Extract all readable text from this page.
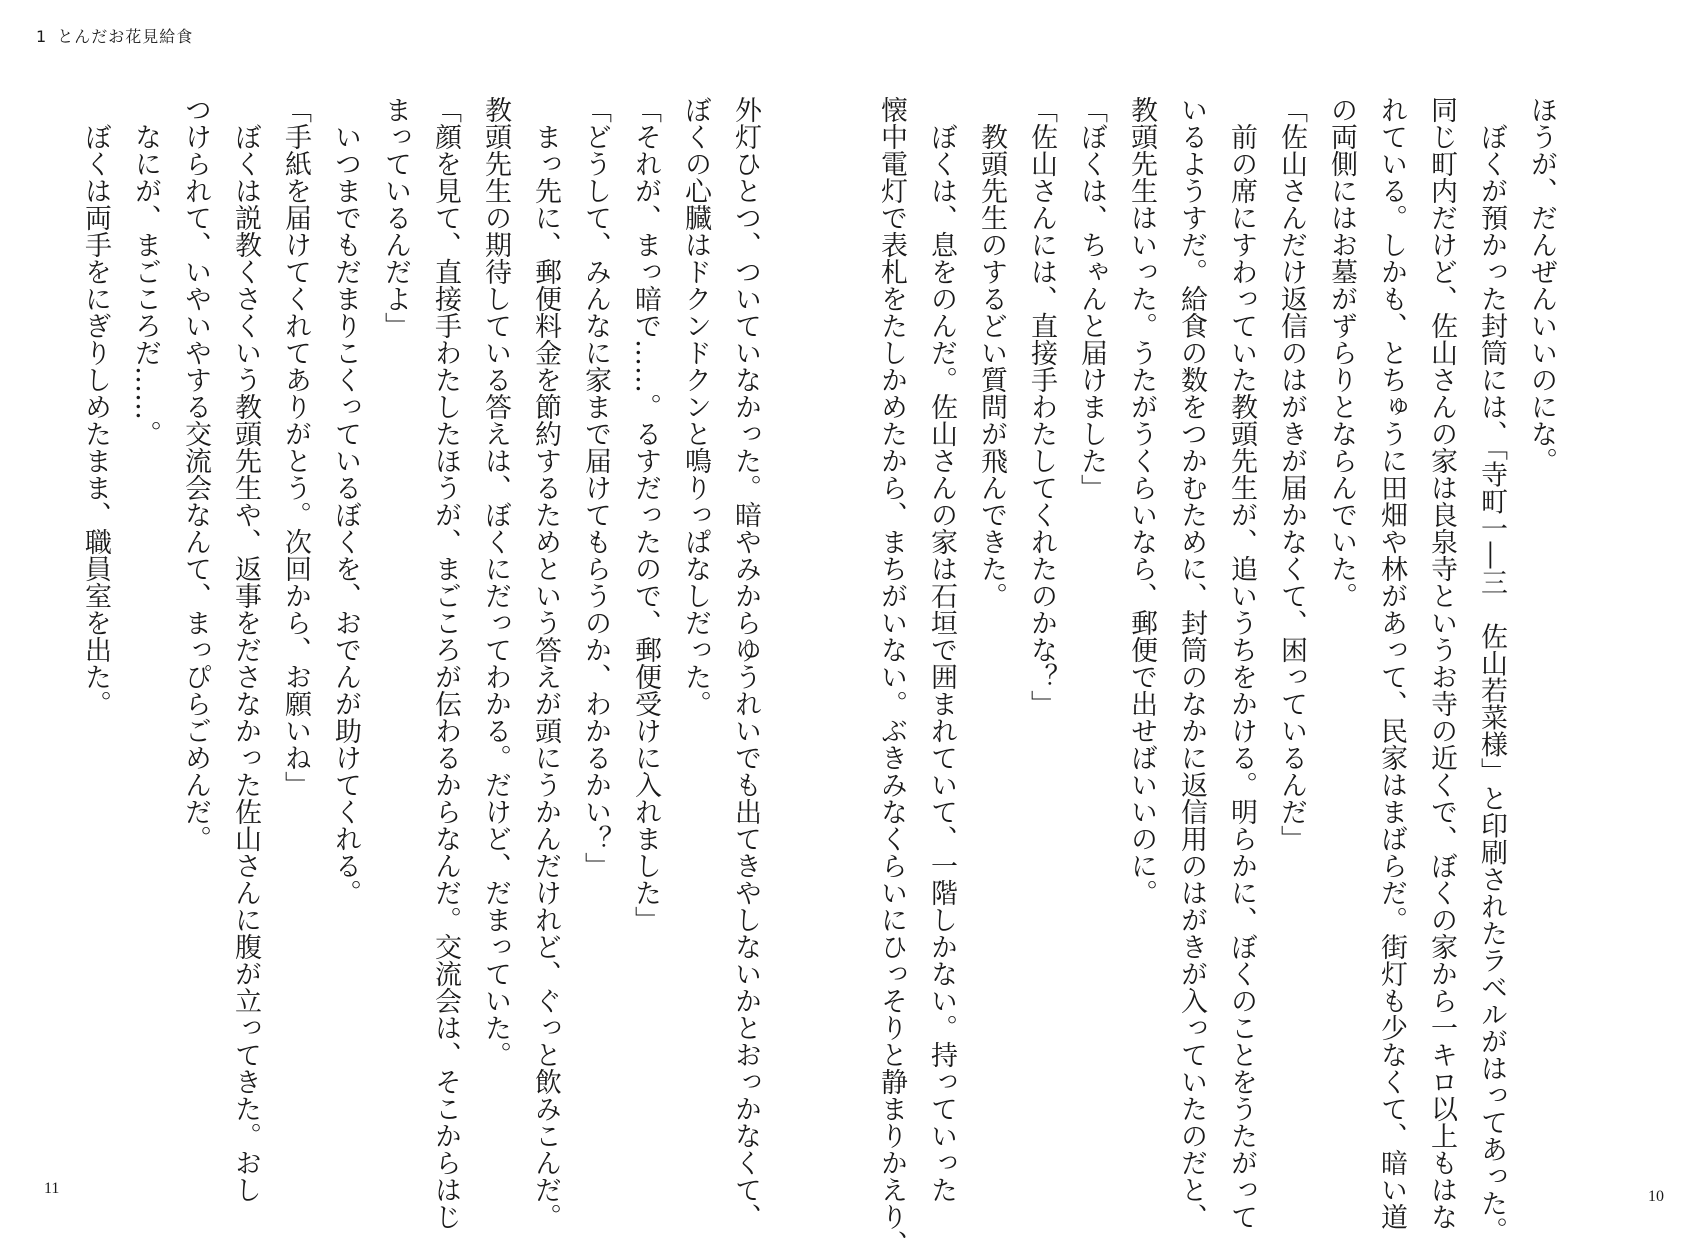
1 とんだお花見給食
ほうが、だんぜんいいのにな。
　ぼくが預かった封筒には、「寺町一―三　佐山若菜様」と印刷されたラベルがはってあった。
同じ町内だけど、佐山さんの家は良泉寺というお寺の近くで、ぼくの家から一キロ以上もはな
れている。しかも、とちゅうに田畑や林があって、民家はまばらだ。街灯も少なくて、暗い道
の両側にはお墓がずらりとならんでいた。
「佐山さんだけ返信のはがきが届かなくて、困っているんだ」
　前の席にすわっていた教頭先生が、追いうちをかける。明らかに、ぼくのことをうたがって
いるようすだ。給食の数をつかむために、封筒のなかに返信用のはがきが入っていたのだと、
教頭先生はいった。うたがうくらいなら、郵便で出せばいいのに。
「ぼくは、ちゃんと届けました」
「佐山さんには、直接手わたしてくれたのかな？」
　教頭先生のするどい質問が飛んできた。
　ぼくは、息をのんだ。佐山さんの家は石垣で囲まれていて、一階しかない。持っていった
懐中電灯で表札をたしかめたから、まちがいない。ぶきみなくらいにひっそりと静まりかえり、
外灯ひとつ、ついていなかった。暗やみからゆうれいでも出てきやしないかとおっかなくて、
ぼくの心臓はドクンドクンと鳴りっぱなしだった。
「それが、まっ暗で……。るすだったので、郵便受けに入れました」
「どうして、みんなに家まで届けてもらうのか、わかるかい？」
　まっ先に、郵便料金を節約するためという答えが頭にうかんだけれど、ぐっと飲みこんだ。
教頭先生の期待している答えは、ぼくにだってわかる。だけど、だまっていた。
「顔を見て、直接手わたしたほうが、まごころが伝わるからなんだ。交流会は、そこからはじ
まっているんだよ」
　いつまでもだまりこくっているぼくを、おでんが助けてくれる。
「手紙を届けてくれてありがとう。次回から、お願いね」
　ぼくは説教くさくいう教頭先生や、返事をださなかった佐山さんに腹が立ってきた。おし
つけられて、いやいやする交流会なんて、まっぴらごめんだ。
　なにが、まごころだ……。
　ぼくは両手をにぎりしめたまま、職員室を出た。
11	10
